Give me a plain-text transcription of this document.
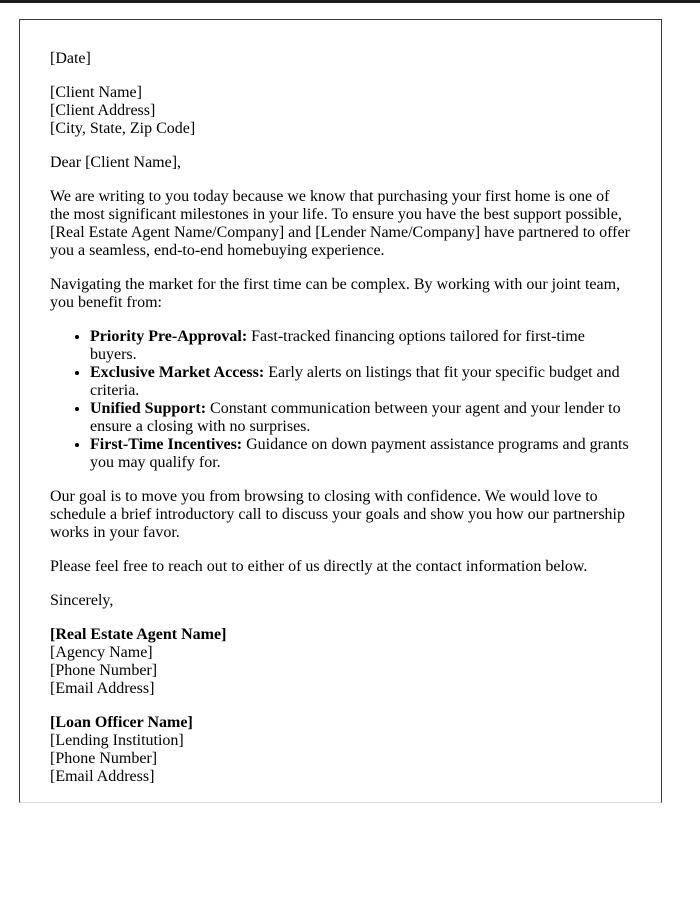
[Date]

[Client Name]
[Client Address]
[City, State, Zip Code]

Dear [Client Name],

We are writing to you today because we know that purchasing your first home is one of the most significant milestones in your life. To ensure you have the best support possible, [Real Estate Agent Name/Company] and [Lender Name/Company] have partnered to offer you a seamless, end-to-end homebuying experience.

Navigating the market for the first time can be complex. By working with our joint team, you benefit from:

• Priority Pre-Approval: Fast-tracked financing options tailored for first-time buyers.
• Exclusive Market Access: Early alerts on listings that fit your specific budget and criteria.
• Unified Support: Constant communication between your agent and your lender to ensure a closing with no surprises.
• First-Time Incentives: Guidance on down payment assistance programs and grants you may qualify for.

Our goal is to move you from browsing to closing with confidence. We would love to schedule a brief introductory call to discuss your goals and show you how our partnership works in your favor.

Please feel free to reach out to either of us directly at the contact information below.

Sincerely,

[Real Estate Agent Name]
[Agency Name]
[Phone Number]
[Email Address]

[Loan Officer Name]
[Lending Institution]
[Phone Number]
[Email Address]
